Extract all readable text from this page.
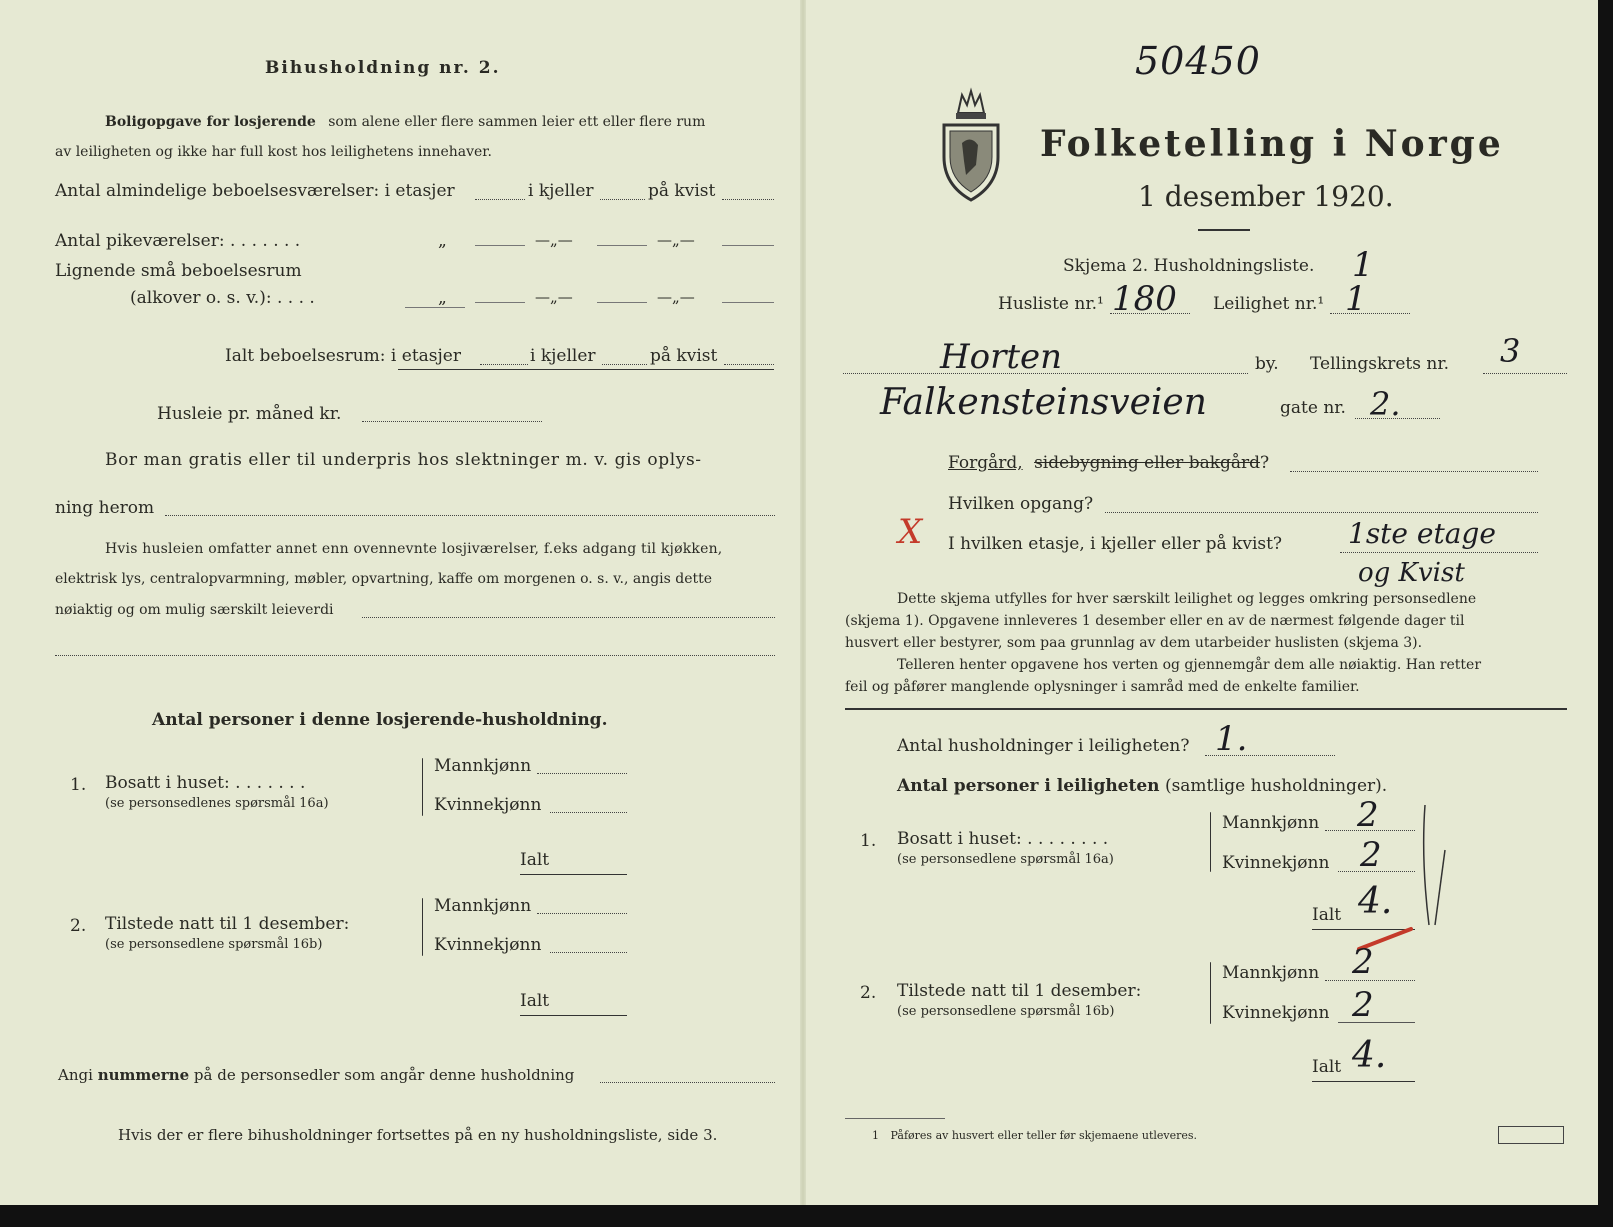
Bihusholdning nr. 2.
Boligopgave for losjerende som alene eller flere sammen leier ett eller flere rum
av leiligheten og ikke har full kost hos leilighetens innehaver.
Antal almindelige beboelsesværelser: i etasjer	i kjeller	på kvist
Antal pikeværelser: . . . . . . .	„	—„—	—„—
Lignende små beboelsesrum
(alkover o. s. v.): . . . .	„	—„—	—„—
Ialt beboelsesrum: i etasjer	i kjeller	på kvist
Husleie pr. måned kr.
Bor man gratis eller til underpris hos slektninger m. v. gis oplys-
ning herom
Hvis husleien omfatter annet enn ovennevnte losjiværelser, f.eks adgang til kjøkken,
elektrisk lys, centralopvarmning, møbler, opvartning, kaffe om morgenen o. s. v., angis dette
nøiaktig og om mulig særskilt leieverdi
Antal personer i denne losjerende-husholdning.
1. Bosatt i huset: . . . . . . .
(se personsedlenes spørsmål 16a)
Mannkjønn
Kvinnekjønn
Ialt
2. Tilstede natt til 1 desember:
(se personsedlene spørsmål 16b)
Mannkjønn
Kvinnekjønn
Ialt
Angi nummerne på de personsedler som angår denne husholdning
Hvis der er flere bihusholdninger fortsettes på en ny husholdningsliste, side 3.
50450
Folketelling i Norge
1 desember 1920.
Skjema 2. Husholdningsliste. 1
Husliste nr.¹ 180 Leilighet nr.¹ 1
Horten	by. Tellingskrets nr. 3
Falkensteinsveien	gate nr. 2.
Forgård, sidebygning eller bakgård?
Hvilken opgang?
X I hvilken etasje, i kjeller eller på kvist? 1ste etage
og Kvist
Dette skjema utfylles for hver særskilt leilighet og legges omkring personsedlene
(skjema 1). Opgavene innleveres 1 desember eller en av de nærmest følgende dager til
husvert eller bestyrer, som paa grunnlag av dem utarbeider huslisten (skjema 3).
Telleren henter opgavene hos verten og gjennemgår dem alle nøiaktig. Han retter
feil og påfører manglende oplysninger i samråd med de enkelte familier.
Antal husholdninger i leiligheten? 1.
Antal personer i leiligheten (samtlige husholdninger).
1. Bosatt i huset: . . . . . . . .
(se personsedlene spørsmål 16a)
Mannkjønn 2
Kvinnekjønn 2
Ialt 4.
2. Tilstede natt til 1 desember:
(se personsedlene spørsmål 16b)
Mannkjønn 2
Kvinnekjønn 2
Ialt 4.
1 Påføres av husvert eller teller før skjemaene utleveres.
